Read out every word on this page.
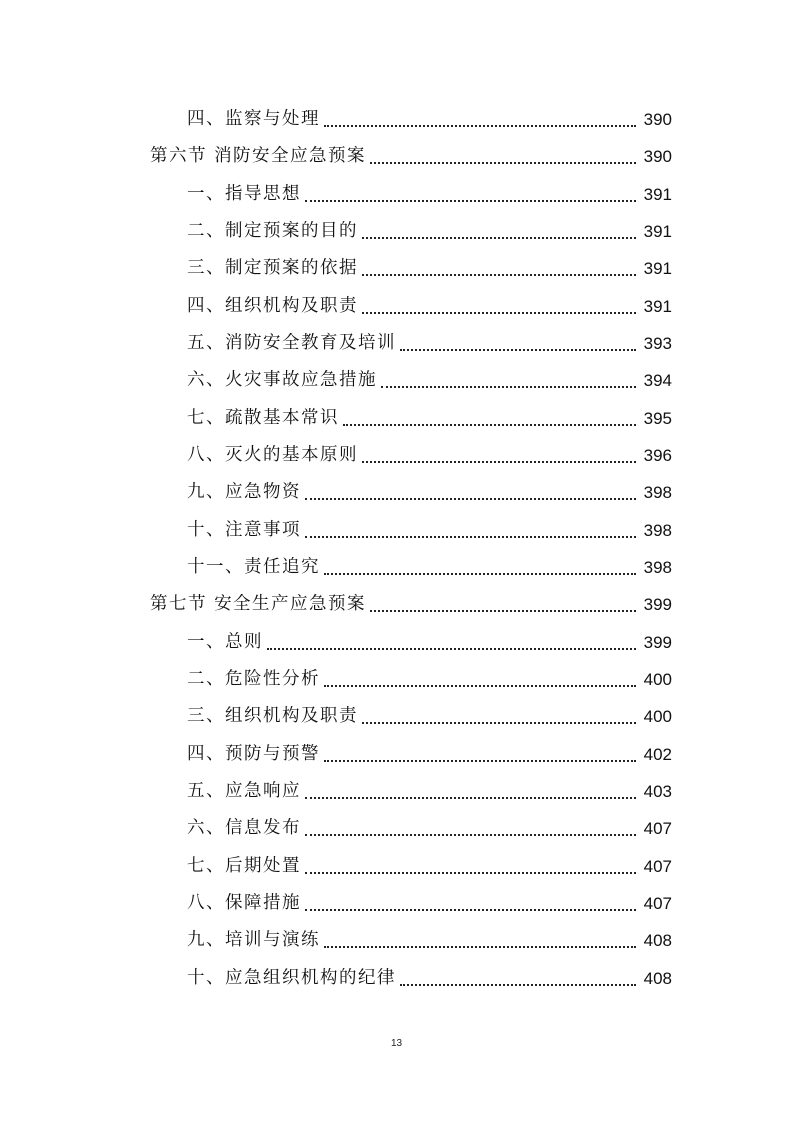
四、监察与处理	390
第六节 消防安全应急预案	390
一、指导思想	391
二、制定预案的目的	391
三、制定预案的依据	391
四、组织机构及职责	391
五、消防安全教育及培训	393
六、火灾事故应急措施	394
七、疏散基本常识	395
八、灭火的基本原则	396
九、应急物资	398
十、注意事项	398
十一、责任追究	398
第七节 安全生产应急预案	399
一、总则	399
二、危险性分析	400
三、组织机构及职责	400
四、预防与预警	402
五、应急响应	403
六、信息发布	407
七、后期处置	407
八、保障措施	407
九、培训与演练	408
十、应急组织机构的纪律	408
13
